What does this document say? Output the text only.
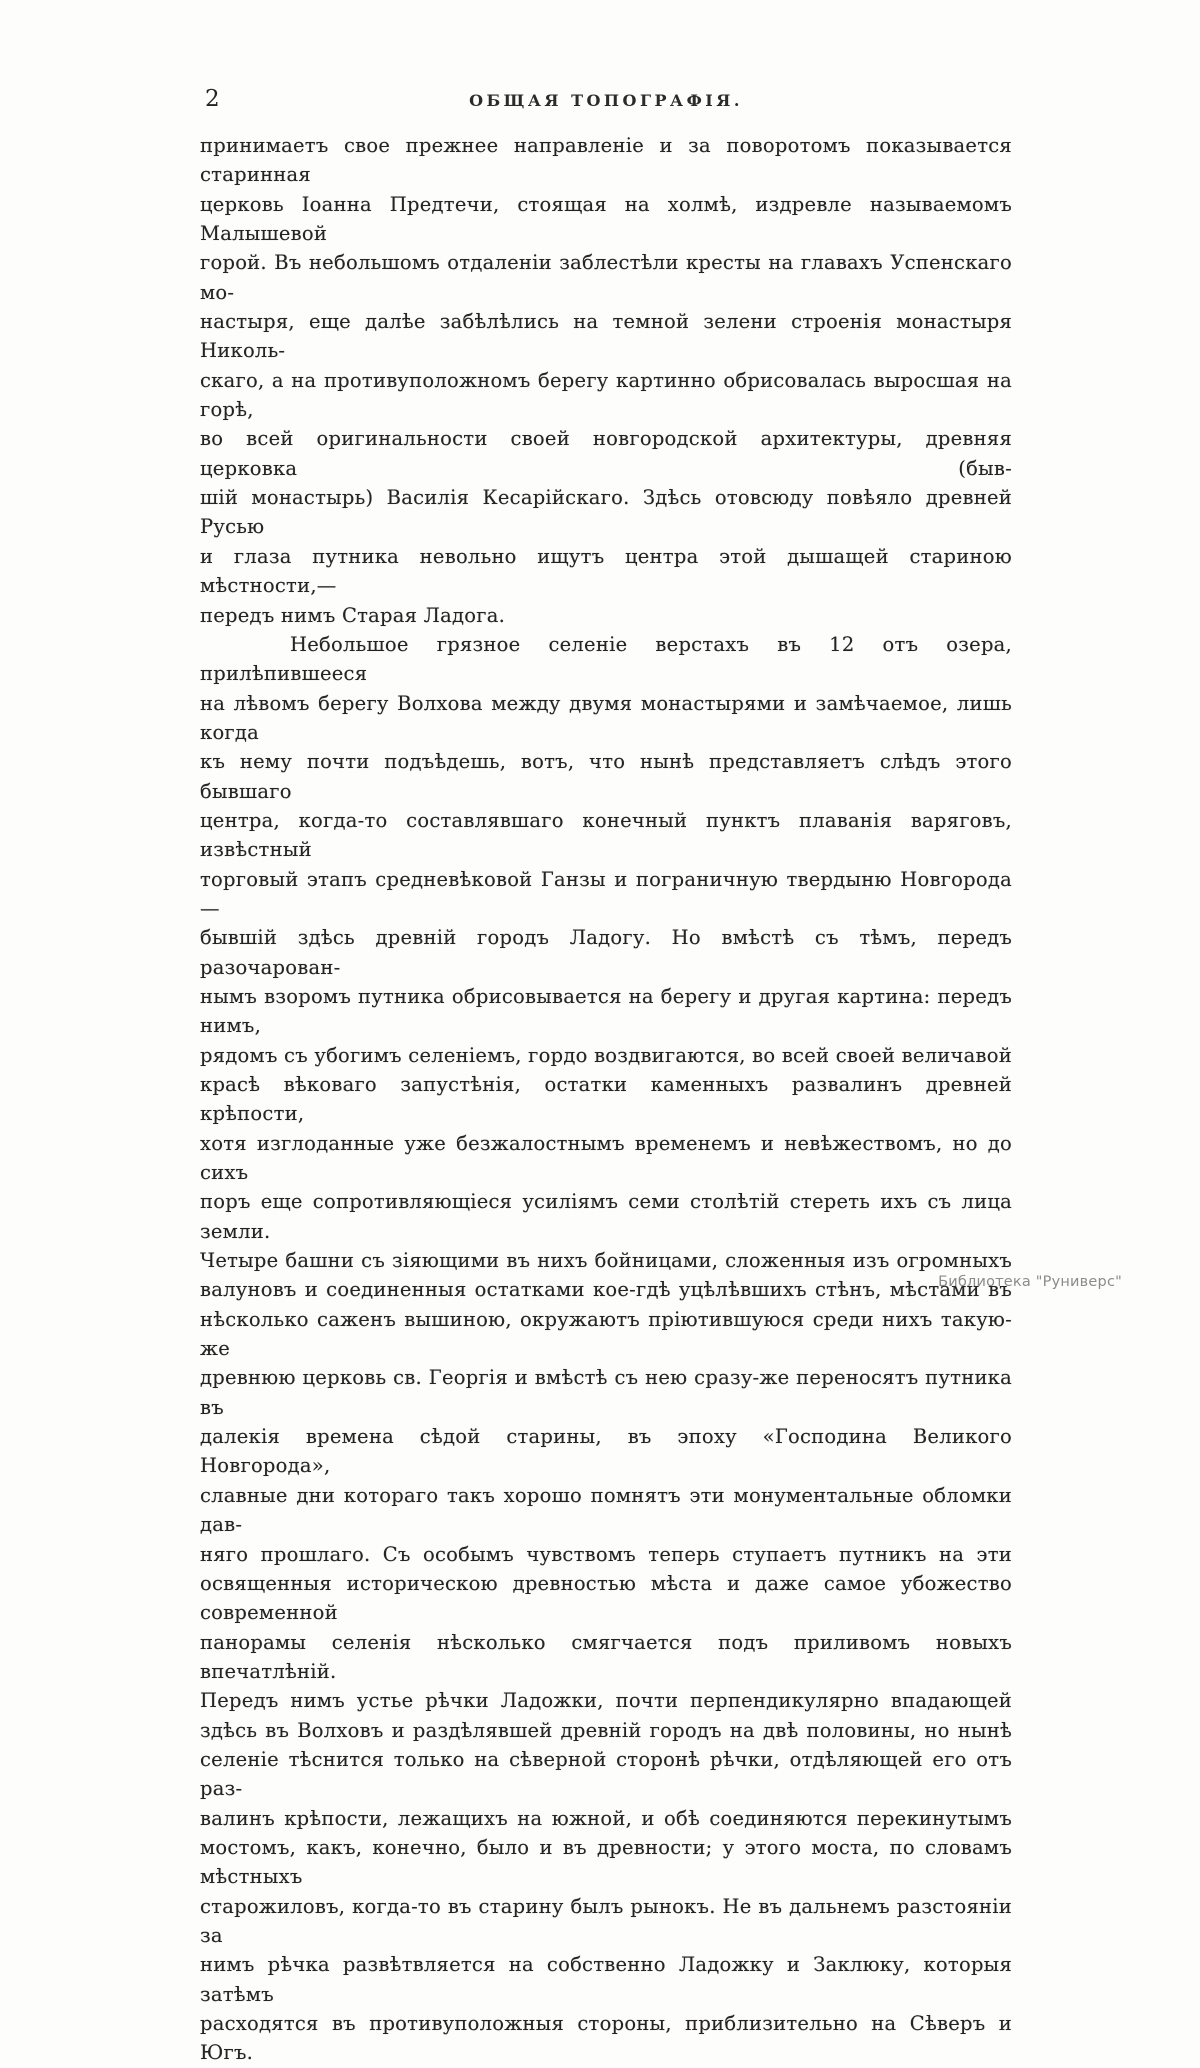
2	ОБЩАЯ ТОПОГРАФІЯ.
принимаетъ свое прежнее направленіе и за поворотомъ показывается старинная
церковь Іоанна Предтечи, стоящая на холмѣ, издревле называемомъ Малышевой
горой. Въ небольшомъ отдаленіи заблестѣли кресты на главахъ Успенскаго мо-
настыря, еще далѣе забѣлѣлись на темной зелени строенія монастыря Николь-
скаго, а на противуположномъ берегу картинно обрисовалась выросшая на горѣ,
во всей оригинальности своей новгородской архитектуры, древняя церковка (быв-
шій монастырь) Василія Кесарійскаго. Здѣсь отовсюду повѣяло древней Русью
и глаза путника невольно ищутъ центра этой дышащей стариною мѣстности,—
передъ нимъ Старая Ладога.
Небольшое грязное селеніе верстахъ въ 12 отъ озера, прилѣпившееся
на лѣвомъ берегу Волхова между двумя монастырями и замѣчаемое, лишь когда
къ нему почти подъѣдешь, вотъ, что нынѣ представляетъ слѣдъ этого бывшаго
центра, когда-то составлявшаго конечный пунктъ плаванія варяговъ, извѣстный
торговый этапъ средневѣковой Ганзы и пограничную твердыню Новгорода—
бывшій здѣсь древній городъ Ладогу. Но вмѣстѣ съ тѣмъ, передъ разочарован-
нымъ взоромъ путника обрисовывается на берегу и другая картина: передъ нимъ,
рядомъ съ убогимъ селеніемъ, гордо воздвигаются, во всей своей величавой
красѣ вѣковаго запустѣнія, остатки каменныхъ развалинъ древней крѣпости,
хотя изглоданные уже безжалостнымъ временемъ и невѣжествомъ, но до сихъ
поръ еще сопротивляющіеся усиліямъ семи столѣтій стереть ихъ съ лица земли.
Четыре башни съ зіяющими въ нихъ бойницами, сложенныя изъ огромныхъ
валуновъ и соединенныя остатками кое-гдѣ уцѣлѣвшихъ стѣнъ, мѣстами въ
нѣсколько саженъ вышиною, окружаютъ пріютившуюся среди нихъ такую-же
древнюю церковь св. Георгія и вмѣстѣ съ нею сразу-же переносятъ путника въ
далекія времена сѣдой старины, въ эпоху «Господина Великого Новгорода»,
славные дни котораго такъ хорошо помнятъ эти монументальные обломки дав-
няго прошлаго. Съ особымъ чувствомъ теперь ступаетъ путникъ на эти
освященныя историческою древностью мѣста и даже самое убожество современной
панорамы селенія нѣсколько смягчается подъ приливомъ новыхъ впечатлѣній.
Передъ нимъ устье рѣчки Ладожки, почти перпендикулярно впадающей
здѣсь въ Волховъ и раздѣлявшей древній городъ на двѣ половины, но нынѣ
селеніе тѣснится только на сѣверной сторонѣ рѣчки, отдѣляющей его отъ раз-
валинъ крѣпости, лежащихъ на южной, и обѣ соединяются перекинутымъ
мостомъ, какъ, конечно, было и въ древности; у этого моста, по словамъ мѣстныхъ
старожиловъ, когда-то въ старину былъ рынокъ. Не въ дальнемъ разстояніи за
нимъ рѣчка развѣтвляется на собственно Ладожку и Заклюку, которыя затѣмъ
расходятся въ противуположныя стороны, приблизительно на Сѣверъ и Югъ.
Библиотека "Руниверс"
